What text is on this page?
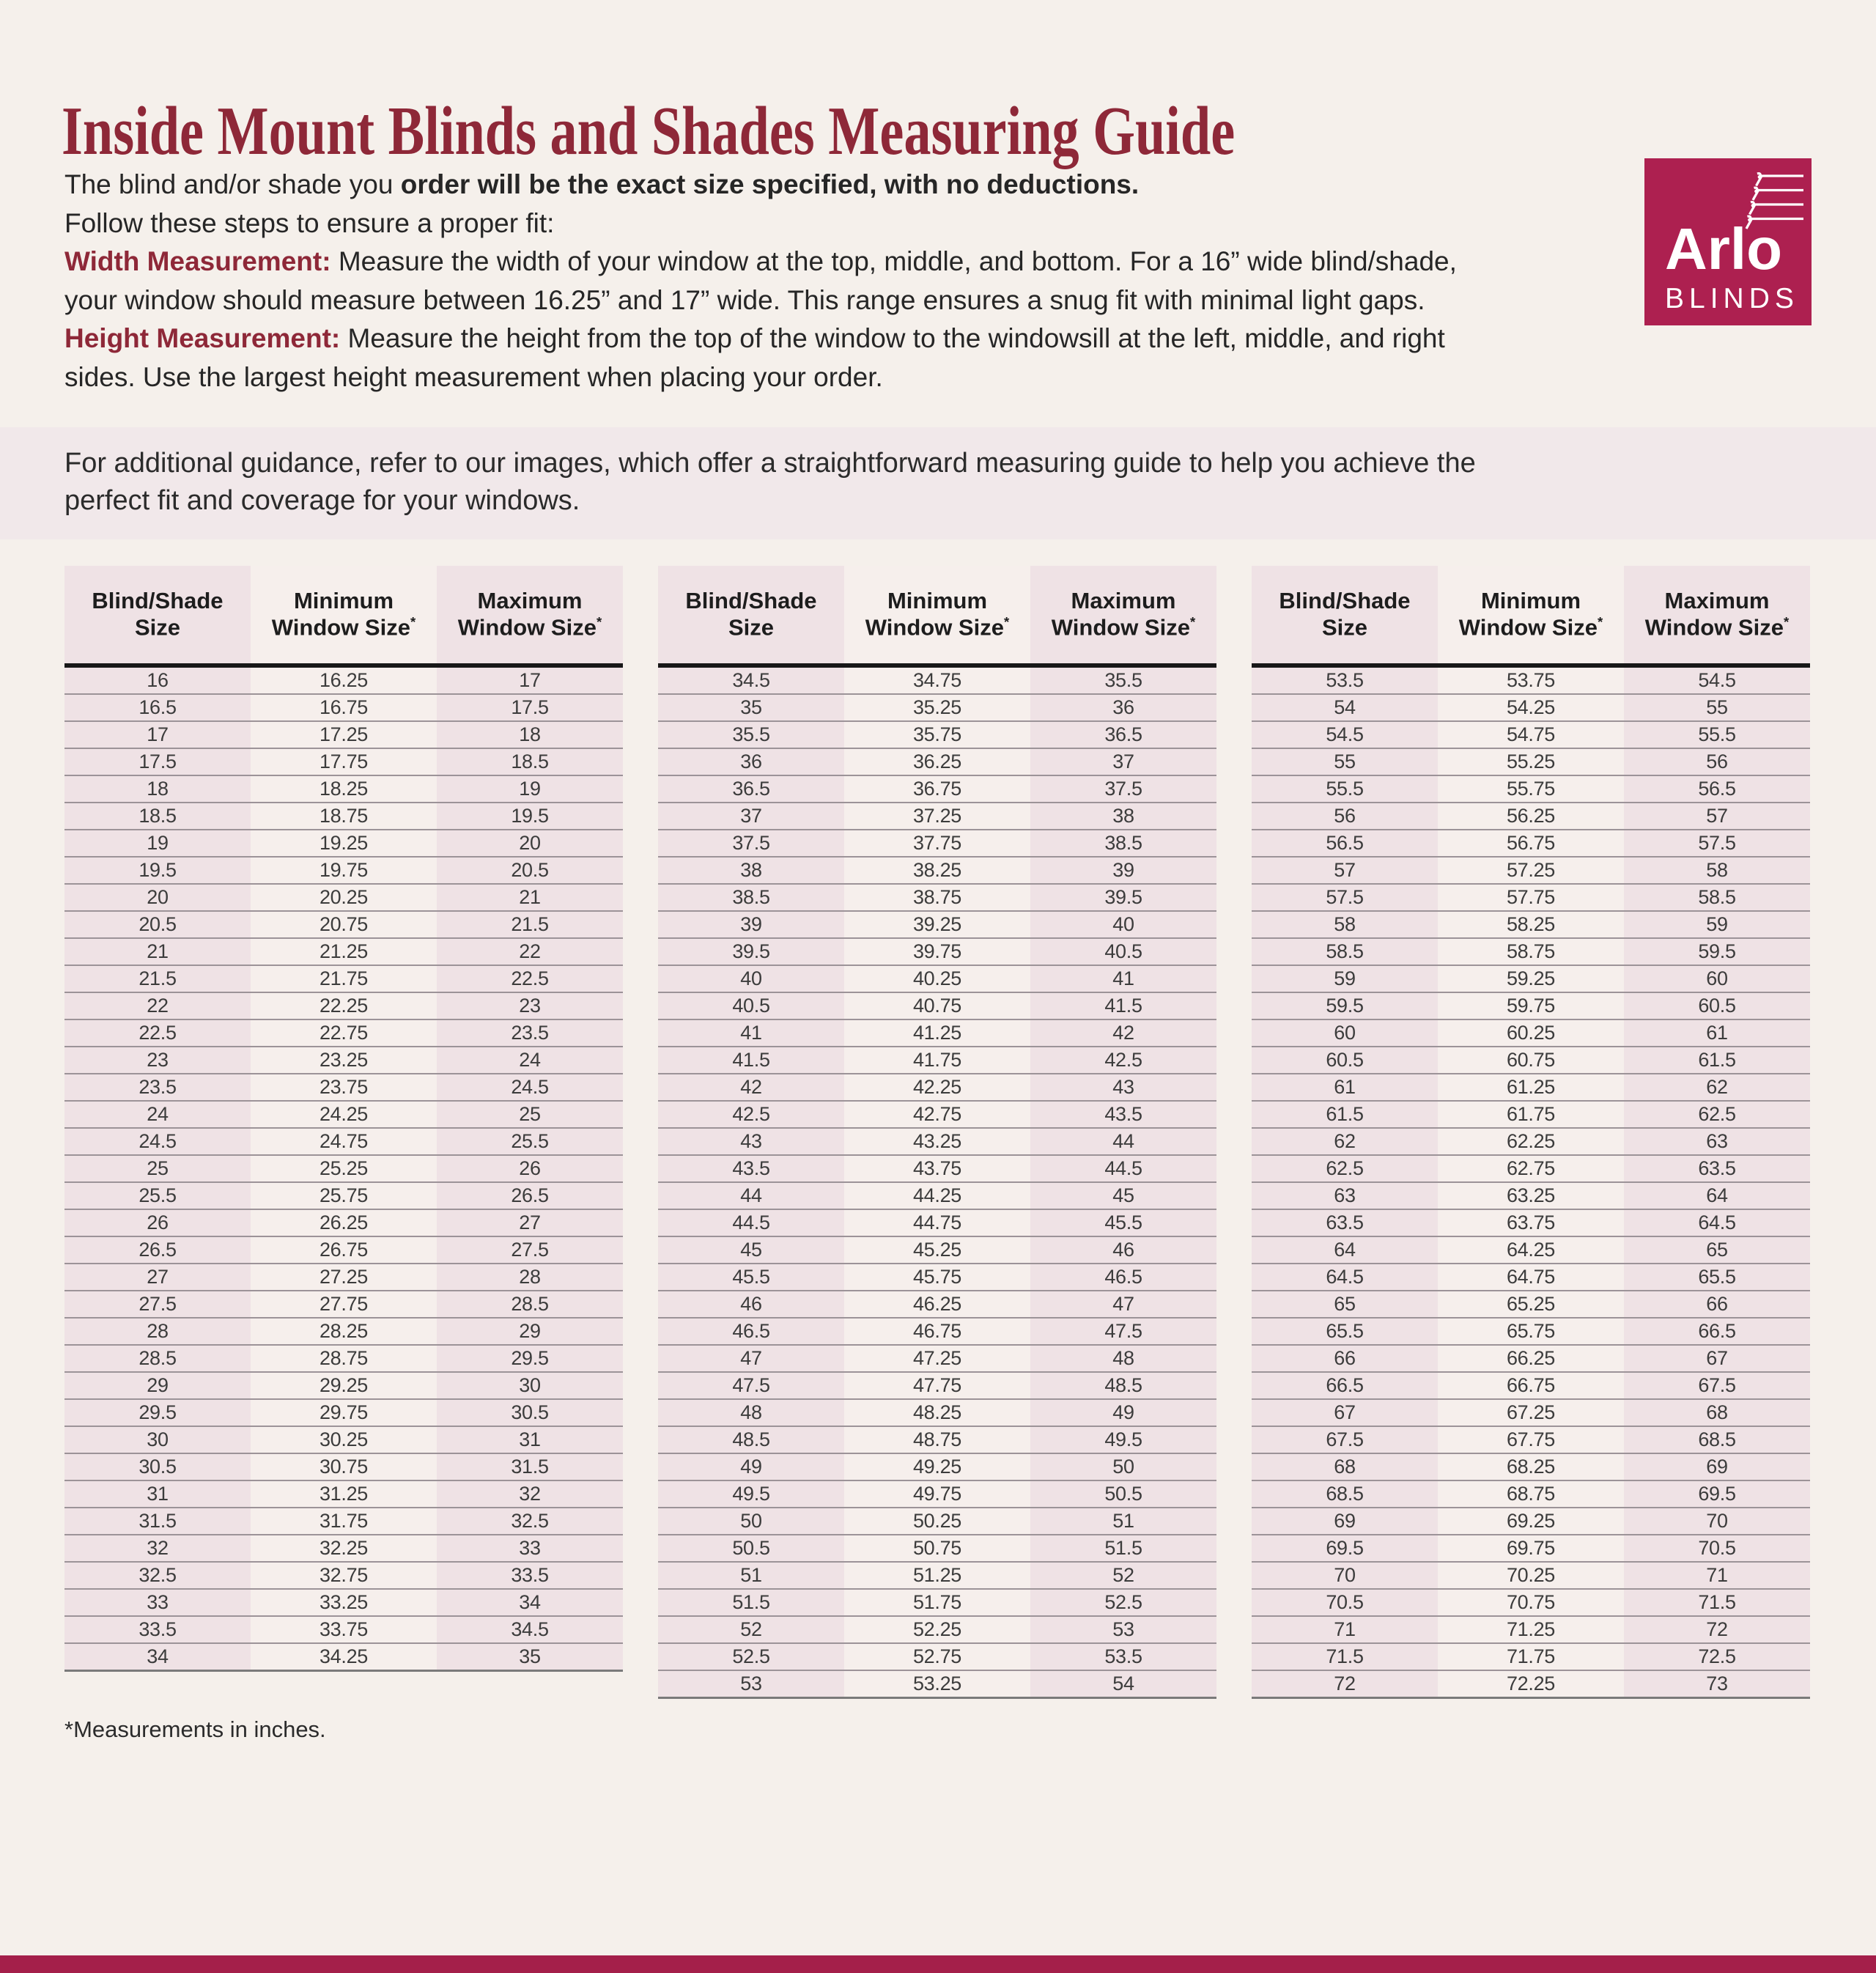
Arlo
BLINDS
Inside Mount Blinds and Shades Measuring Guide

The blind and/or shade you order will be the exact size specified, with no deductions.
Follow these steps to ensure a proper fit:

Width Measurement: Measure the width of your window at the top, middle, and bottom. For a 16” wide blind/shade,
your window should measure between 16.25” and 17” wide. This range ensures a snug fit with minimal light gaps.

Height Measurement: Measure the height from the top of the window to the windowsill at the left, middle, and right
sides. Use the largest height measurement when placing your order.

For additional guidance, refer to our images, which offer a straightforward measuring guide to help you achieve the
perfect fit and coverage for your windows.
Blind/Shade Size	Minimum Window Size*	Maximum Window Size*
16	16.25	17
16.5	16.75	17.5
17	17.25	18
17.5	17.75	18.5
18	18.25	19
18.5	18.75	19.5
19	19.25	20
19.5	19.75	20.5
20	20.25	21
20.5	20.75	21.5
21	21.25	22
21.5	21.75	22.5
22	22.25	23
22.5	22.75	23.5
23	23.25	24
23.5	23.75	24.5
24	24.25	25
24.5	24.75	25.5
25	25.25	26
25.5	25.75	26.5
26	26.25	27
26.5	26.75	27.5
27	27.25	28
27.5	27.75	28.5
28	28.25	29
28.5	28.75	29.5
29	29.25	30
29.5	29.75	30.5
30	30.25	31
30.5	30.75	31.5
31	31.25	32
31.5	31.75	32.5
32	32.25	33
32.5	32.75	33.5
33	33.25	34
33.5	33.75	34.5
34	34.25	35
Blind/Shade Size	Minimum Window Size*	Maximum Window Size*
34.5	34.75	35.5
35	35.25	36
35.5	35.75	36.5
36	36.25	37
36.5	36.75	37.5
37	37.25	38
37.5	37.75	38.5
38	38.25	39
38.5	38.75	39.5
39	39.25	40
39.5	39.75	40.5
40	40.25	41
40.5	40.75	41.5
41	41.25	42
41.5	41.75	42.5
42	42.25	43
42.5	42.75	43.5
43	43.25	44
43.5	43.75	44.5
44	44.25	45
44.5	44.75	45.5
45	45.25	46
45.5	45.75	46.5
46	46.25	47
46.5	46.75	47.5
47	47.25	48
47.5	47.75	48.5
48	48.25	49
48.5	48.75	49.5
49	49.25	50
49.5	49.75	50.5
50	50.25	51
50.5	50.75	51.5
51	51.25	52
51.5	51.75	52.5
52	52.25	53
52.5	52.75	53.5
53	53.25	54
Blind/Shade Size	Minimum Window Size*	Maximum Window Size*
53.5	53.75	54.5
54	54.25	55
54.5	54.75	55.5
55	55.25	56
55.5	55.75	56.5
56	56.25	57
56.5	56.75	57.5
57	57.25	58
57.5	57.75	58.5
58	58.25	59
58.5	58.75	59.5
59	59.25	60
59.5	59.75	60.5
60	60.25	61
60.5	60.75	61.5
61	61.25	62
61.5	61.75	62.5
62	62.25	63
62.5	62.75	63.5
63	63.25	64
63.5	63.75	64.5
64	64.25	65
64.5	64.75	65.5
65	65.25	66
65.5	65.75	66.5
66	66.25	67
66.5	66.75	67.5
67	67.25	68
67.5	67.75	68.5
68	68.25	69
68.5	68.75	69.5
69	69.25	70
69.5	69.75	70.5
70	70.25	71
70.5	70.75	71.5
71	71.25	72
71.5	71.75	72.5
72	72.25	73
*Measurements in inches.
